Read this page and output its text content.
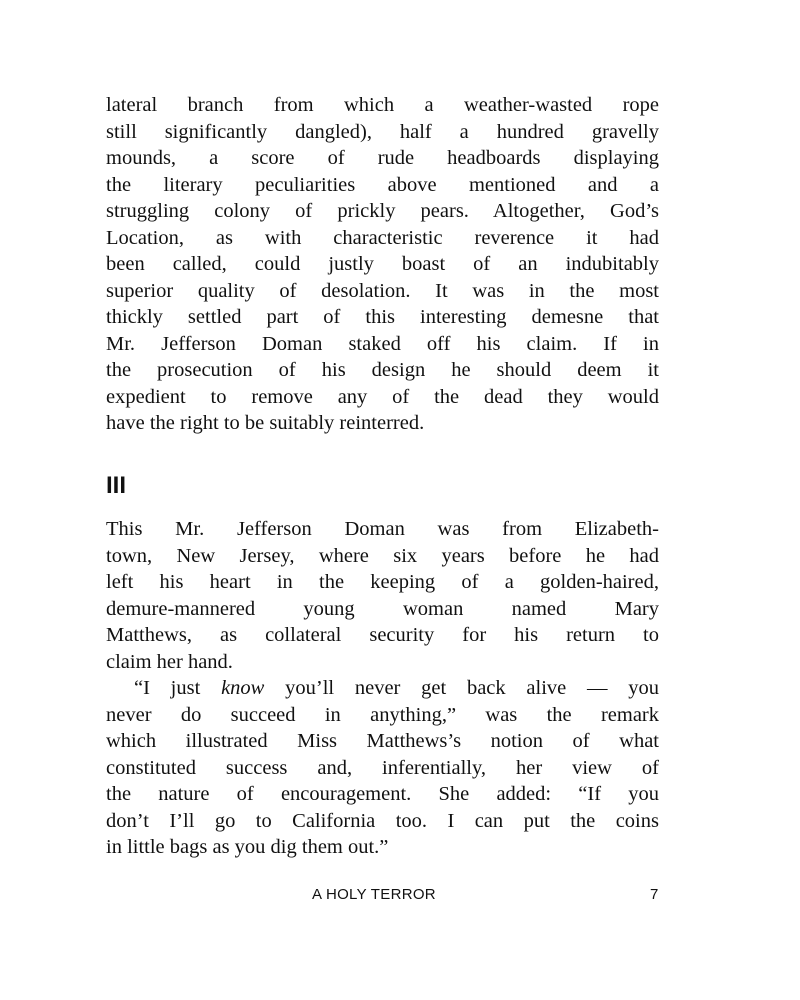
lateral branch from which a weather-wasted rope
still significantly dangled), half a hundred gravelly
mounds, a score of rude headboards displaying
the literary peculiarities above mentioned and a
struggling colony of prickly pears. Altogether, God’s
Location, as with characteristic reverence it had
been called, could justly boast of an indubitably
superior quality of desolation. It was in the most
thickly settled part of this interesting demesne that
Mr. Jefferson Doman staked off his claim. If in
the prosecution of his design he should deem it
expedient to remove any of the dead they would
have the right to be suitably reinterred.

III

This Mr. Jefferson Doman was from Elizabeth-
town, New Jersey, where six years before he had
left his heart in the keeping of a golden-haired,
demure-mannered young woman named Mary
Matthews, as collateral security for his return to
claim her hand.

“I just know you’ll never get back alive — you
never do succeed in anything,” was the remark
which illustrated Miss Matthews’s notion of what
constituted success and, inferentially, her view of
the nature of encouragement. She added: “If you
don’t I’ll go to California too. I can put the coins
in little bags as you dig them out.”

A HOLY TERROR	7
